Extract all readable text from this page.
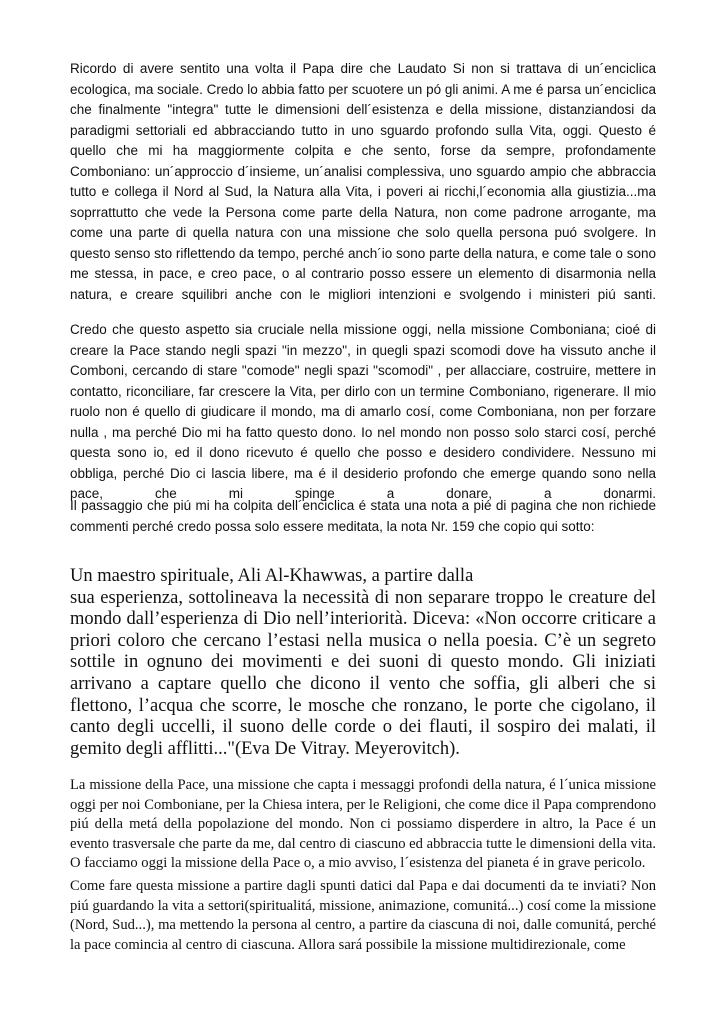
Ricordo di avere sentito una volta il Papa dire che Laudato Si non si trattava di un´enciclica ecologica, ma sociale. Credo lo abbia fatto per scuotere un pó gli animi. A me é parsa un´enciclica che finalmente "integra" tutte le dimensioni dell´esistenza e della missione, distanziandosi da paradigmi settoriali ed abbracciando tutto in uno sguardo profondo sulla Vita, oggi. Questo é quello che mi ha maggiormente colpita e che sento, forse da sempre, profondamente Comboniano: un´approccio d´insieme, un´analisi complessiva, uno sguardo ampio che abbraccia tutto e collega il Nord al Sud, la Natura alla Vita, i poveri ai ricchi,l´economia alla giustizia...ma soprrattutto che vede la Persona come parte della Natura, non come padrone arrogante, ma come una parte di quella natura con una missione che solo quella persona puó svolgere. In questo senso sto riflettendo da tempo, perché anch´io sono parte della natura, e come tale o sono me stessa, in pace, e creo pace, o al contrario posso essere un elemento di disarmonia nella natura, e creare squilibri anche con le migliori intenzioni e svolgendo i ministeri piú santi.

Credo che questo aspetto sia cruciale nella missione oggi, nella missione Comboniana; cioé di creare la Pace stando negli spazi "in mezzo", in quegli spazi scomodi dove ha vissuto anche il Comboni, cercando di stare "comode" negli spazi "scomodi" , per allacciare, costruire, mettere in contatto, riconciliare, far crescere la Vita, per dirlo con un termine Comboniano, rigenerare. Il mio ruolo non é quello di giudicare il mondo, ma di amarlo cosí, come Comboniana, non per forzare nulla , ma perché Dio mi ha fatto questo dono. Io nel mondo non posso solo starci cosí, perché questa sono io, ed il dono ricevuto é quello che posso e desidero condividere. Nessuno mi obbliga, perché Dio ci lascia libere, ma é il desiderio profondo che emerge quando sono nella pace, che mi spinge a donare, a donarmi.

Il passaggio che piú mi ha colpita dell´enciclica é stata una nota a pié di pagina che non richiede commenti perché credo possa solo essere meditata, la nota Nr. 159 che copio qui sotto:

Un maestro spirituale, Ali Al-Khawwas, a partire dalla
sua esperienza, sottolineava la necessità di non separare troppo le creature del mondo dall’esperienza di Dio nell’interiorità. Diceva: «Non occorre criticare a priori coloro che cercano l’estasi nella musica o nella poesia. C’è un segreto sottile in ognuno dei movimenti e dei suoni di questo mondo. Gli iniziati arrivano a captare quello che dicono il vento che soffia, gli alberi che si flettono, l’acqua che scorre, le mosche che ronzano, le porte che cigolano, il canto degli uccelli, il suono delle corde o dei flauti, il sospiro dei malati, il gemito degli afflitti..."(Eva De Vitray. Meyerovitch).

La missione della Pace, una missione che capta i messaggi profondi della natura, é l´unica missione oggi per noi Comboniane, per la Chiesa intera, per le Religioni, che come dice il Papa comprendono piú della metá della popolazione del mondo. Non ci possiamo disperdere in altro, la Pace é un evento trasversale che parte da me, dal centro di ciascuno ed abbraccia tutte le dimensioni della vita. O facciamo oggi la missione della Pace o, a mio avviso, l´esistenza del pianeta é in grave pericolo.

Come fare questa missione a partire dagli spunti datici dal Papa e dai documenti da te inviati? Non piú guardando la vita a settori(spiritualitá, missione, animazione, comunitá...) cosí come la missione (Nord, Sud...), ma mettendo la persona al centro, a partire da ciascuna di noi, dalle comunitá, perché la pace comincia al centro di ciascuna. Allora sará possibile la missione multidirezionale, come
